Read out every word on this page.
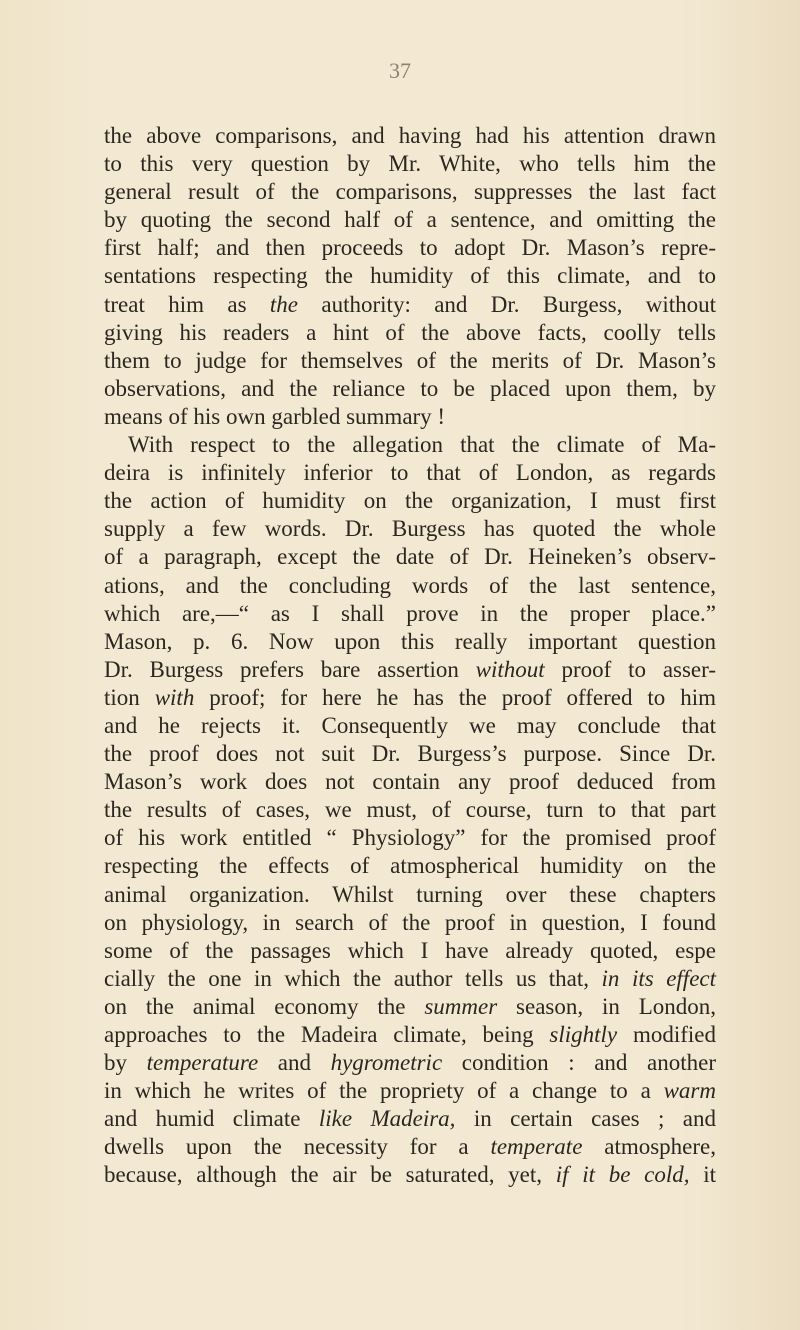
37
the above comparisons, and having had his attention drawn
to this very question by Mr. White, who tells him the
general result of the comparisons, suppresses the last fact
by quoting the second half of a sentence, and omitting the
first half; and then proceeds to adopt Dr. Mason’s repre-
sentations respecting the humidity of this climate, and to
treat him as the authority: and Dr. Burgess, without
giving his readers a hint of the above facts, coolly tells
them to judge for themselves of the merits of Dr. Mason’s
observations, and the reliance to be placed upon them, by
means of his own garbled summary !
With respect to the allegation that the climate of Ma-
deira is infinitely inferior to that of London, as regards
the action of humidity on the organization, I must first
supply a few words. Dr. Burgess has quoted the whole
of a paragraph, except the date of Dr. Heineken’s observ-
ations, and the concluding words of the last sentence,
which are,—“ as I shall prove in the proper place.”
Mason, p. 6. Now upon this really important question
Dr. Burgess prefers bare assertion without proof to asser-
tion with proof; for here he has the proof offered to him
and he rejects it. Consequently we may conclude that
the proof does not suit Dr. Burgess’s purpose. Since Dr.
Mason’s work does not contain any proof deduced from
the results of cases, we must, of course, turn to that part
of his work entitled “ Physiology” for the promised proof
respecting the effects of atmospherical humidity on the
animal organization. Whilst turning over these chapters
on physiology, in search of the proof in question, I found
some of the passages which I have already quoted, espe
cially the one in which the author tells us that, in its effect
on the animal economy the summer season, in London,
approaches to the Madeira climate, being slightly modified
by temperature and hygrometric condition : and another
in which he writes of the propriety of a change to a warm
and humid climate like Madeira, in certain cases ; and
dwells upon the necessity for a temperate atmosphere,
because, although the air be saturated, yet, if it be cold, it
